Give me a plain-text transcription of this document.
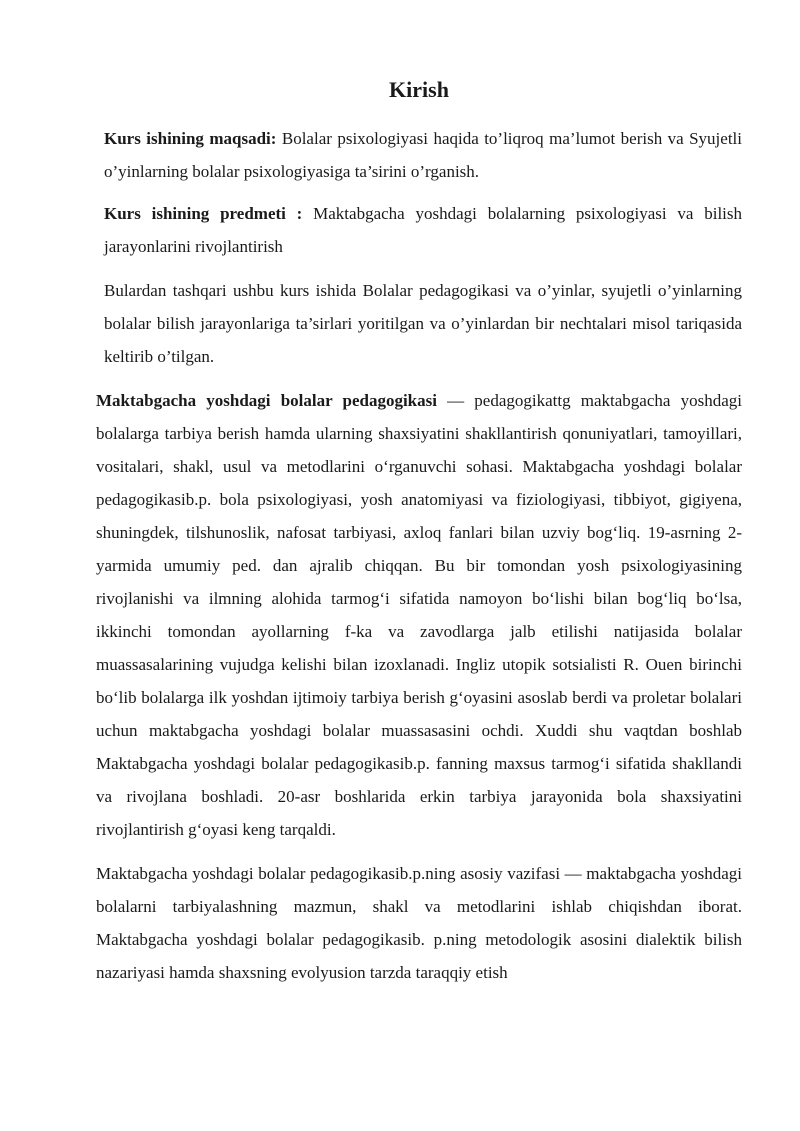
Kirish

Kurs ishining maqsadi: Bolalar psixologiyasi haqida to’liqroq ma’lumot berish va Syujetli o’yinlarning bolalar psixologiyasiga ta’sirini o’rganish.

Kurs ishining predmeti : Maktabgacha yoshdagi bolalarning psixologiyasi va bilish jarayonlarini rivojlantirish

Bulardan tashqari ushbu kurs ishida Bolalar pedagogikasi va o’yinlar, syujetli o’yinlarning bolalar bilish jarayonlariga ta’sirlari yoritilgan va o’yinlardan bir nechtalari misol tariqasida keltirib o’tilgan.

Maktabgacha yoshdagi bolalar pedagogikasi — pedagogikattg maktabgacha yoshdagi bolalarga tarbiya berish hamda ularning shaxsiyatini shakllantirish qonuniyatlari, tamoyillari, vositalari, shakl, usul va metodlarini oʻrganuvchi sohasi. Maktabgacha yoshdagi bolalar pedagogikasib.p. bola psixologiyasi, yosh anatomiyasi va fiziologiyasi, tibbiyot, gigiyena, shuningdek, tilshunoslik, nafosat tarbiyasi, axloq fanlari bilan uzviy bogʻliq. 19-asrning 2-yarmida umumiy ped. dan ajralib chiqqan. Bu bir tomondan yosh psixologiyasining rivojlanishi va ilmning alohida tarmogʻi sifatida namoyon boʻlishi bilan bogʻliq boʻlsa, ikkinchi tomondan ayollarning f-ka va zavodlarga jalb etilishi natijasida bolalar muassasalarining vujudga kelishi bilan izoxlanadi. Ingliz utopik sotsialisti R. Ouen birinchi boʻlib bolalarga ilk yoshdan ijtimoiy tarbiya berish gʻoyasini asoslab berdi va proletar bolalari uchun maktabgacha yoshdagi bolalar muassasasini ochdi. Xuddi shu vaqtdan boshlab Maktabgacha yoshdagi bolalar pedagogikasib.p. fanning maxsus tarmogʻi sifatida shakllandi va rivojlana boshladi. 20-asr boshlarida erkin tarbiya jarayonida bola shaxsiyatini rivojlantirish gʻoyasi keng tarqaldi.

Maktabgacha yoshdagi bolalar pedagogikasib.p.ning asosiy vazifasi — maktabgacha yoshdagi bolalarni tarbiyalashning mazmun, shakl va metodlarini ishlab chiqishdan iborat. Maktabgacha yoshdagi bolalar pedagogikasib. p.ning metodologik asosini dialektik bilish nazariyasi hamda shaxsning evolyusion tarzda taraqqiy etish
